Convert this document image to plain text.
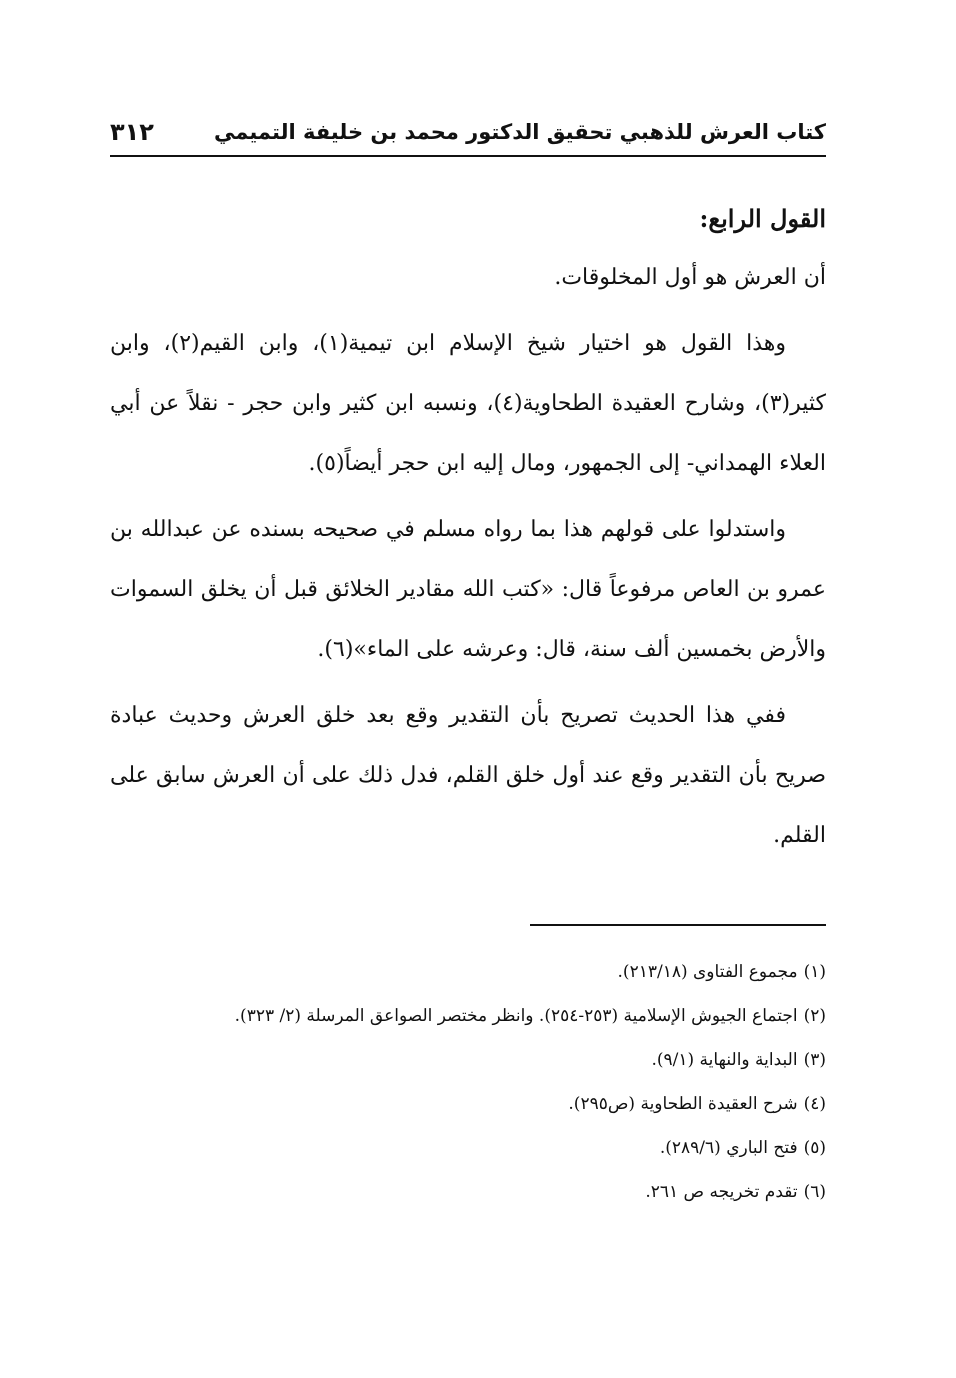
كتاب العرش للذهبي تحقيق الدكتور محمد بن خليفة التميمي
٣١٢

القول الرابع:

أن العرش هو أول المخلوقات.

وهذا القول هو اختيار شيخ الإسلام ابن تيمية(١)، وابن القيم(٢)، وابن كثير(٣)، وشارح العقيدة الطحاوية(٤)، ونسبه ابن كثير وابن حجر - نقلاً عن أبي العلاء الهمداني- إلى الجمهور، ومال إليه ابن حجر أيضاً(٥).

واستدلوا على قولهم هذا بما رواه مسلم في صحيحه بسنده عن عبدالله بن عمرو بن العاص مرفوعاً قال: «كتب الله مقادير الخلائق قبل أن يخلق السموات والأرض بخمسين ألف سنة، قال: وعرشه على الماء»(٦).

ففي هذا الحديث تصريح بأن التقدير وقع بعد خلق العرش وحديث عبادة صريح بأن التقدير وقع عند أول خلق القلم، فدل ذلك على أن العرش سابق على القلم.

(١)مجموع الفتاوى (٢١٣/١٨).

(٢)اجتماع الجيوش الإسلامية (٢٥٣-٢٥٤). وانظر مختصر الصواعق المرسلة (٢/ ٣٢٣).

(٣)البداية والنهاية (٩/١).

(٤)شرح العقيدة الطحاوية (ص٢٩٥).

(٥)فتح الباري (٢٨٩/٦).

(٦)تقدم تخريجه ص ٢٦١.
